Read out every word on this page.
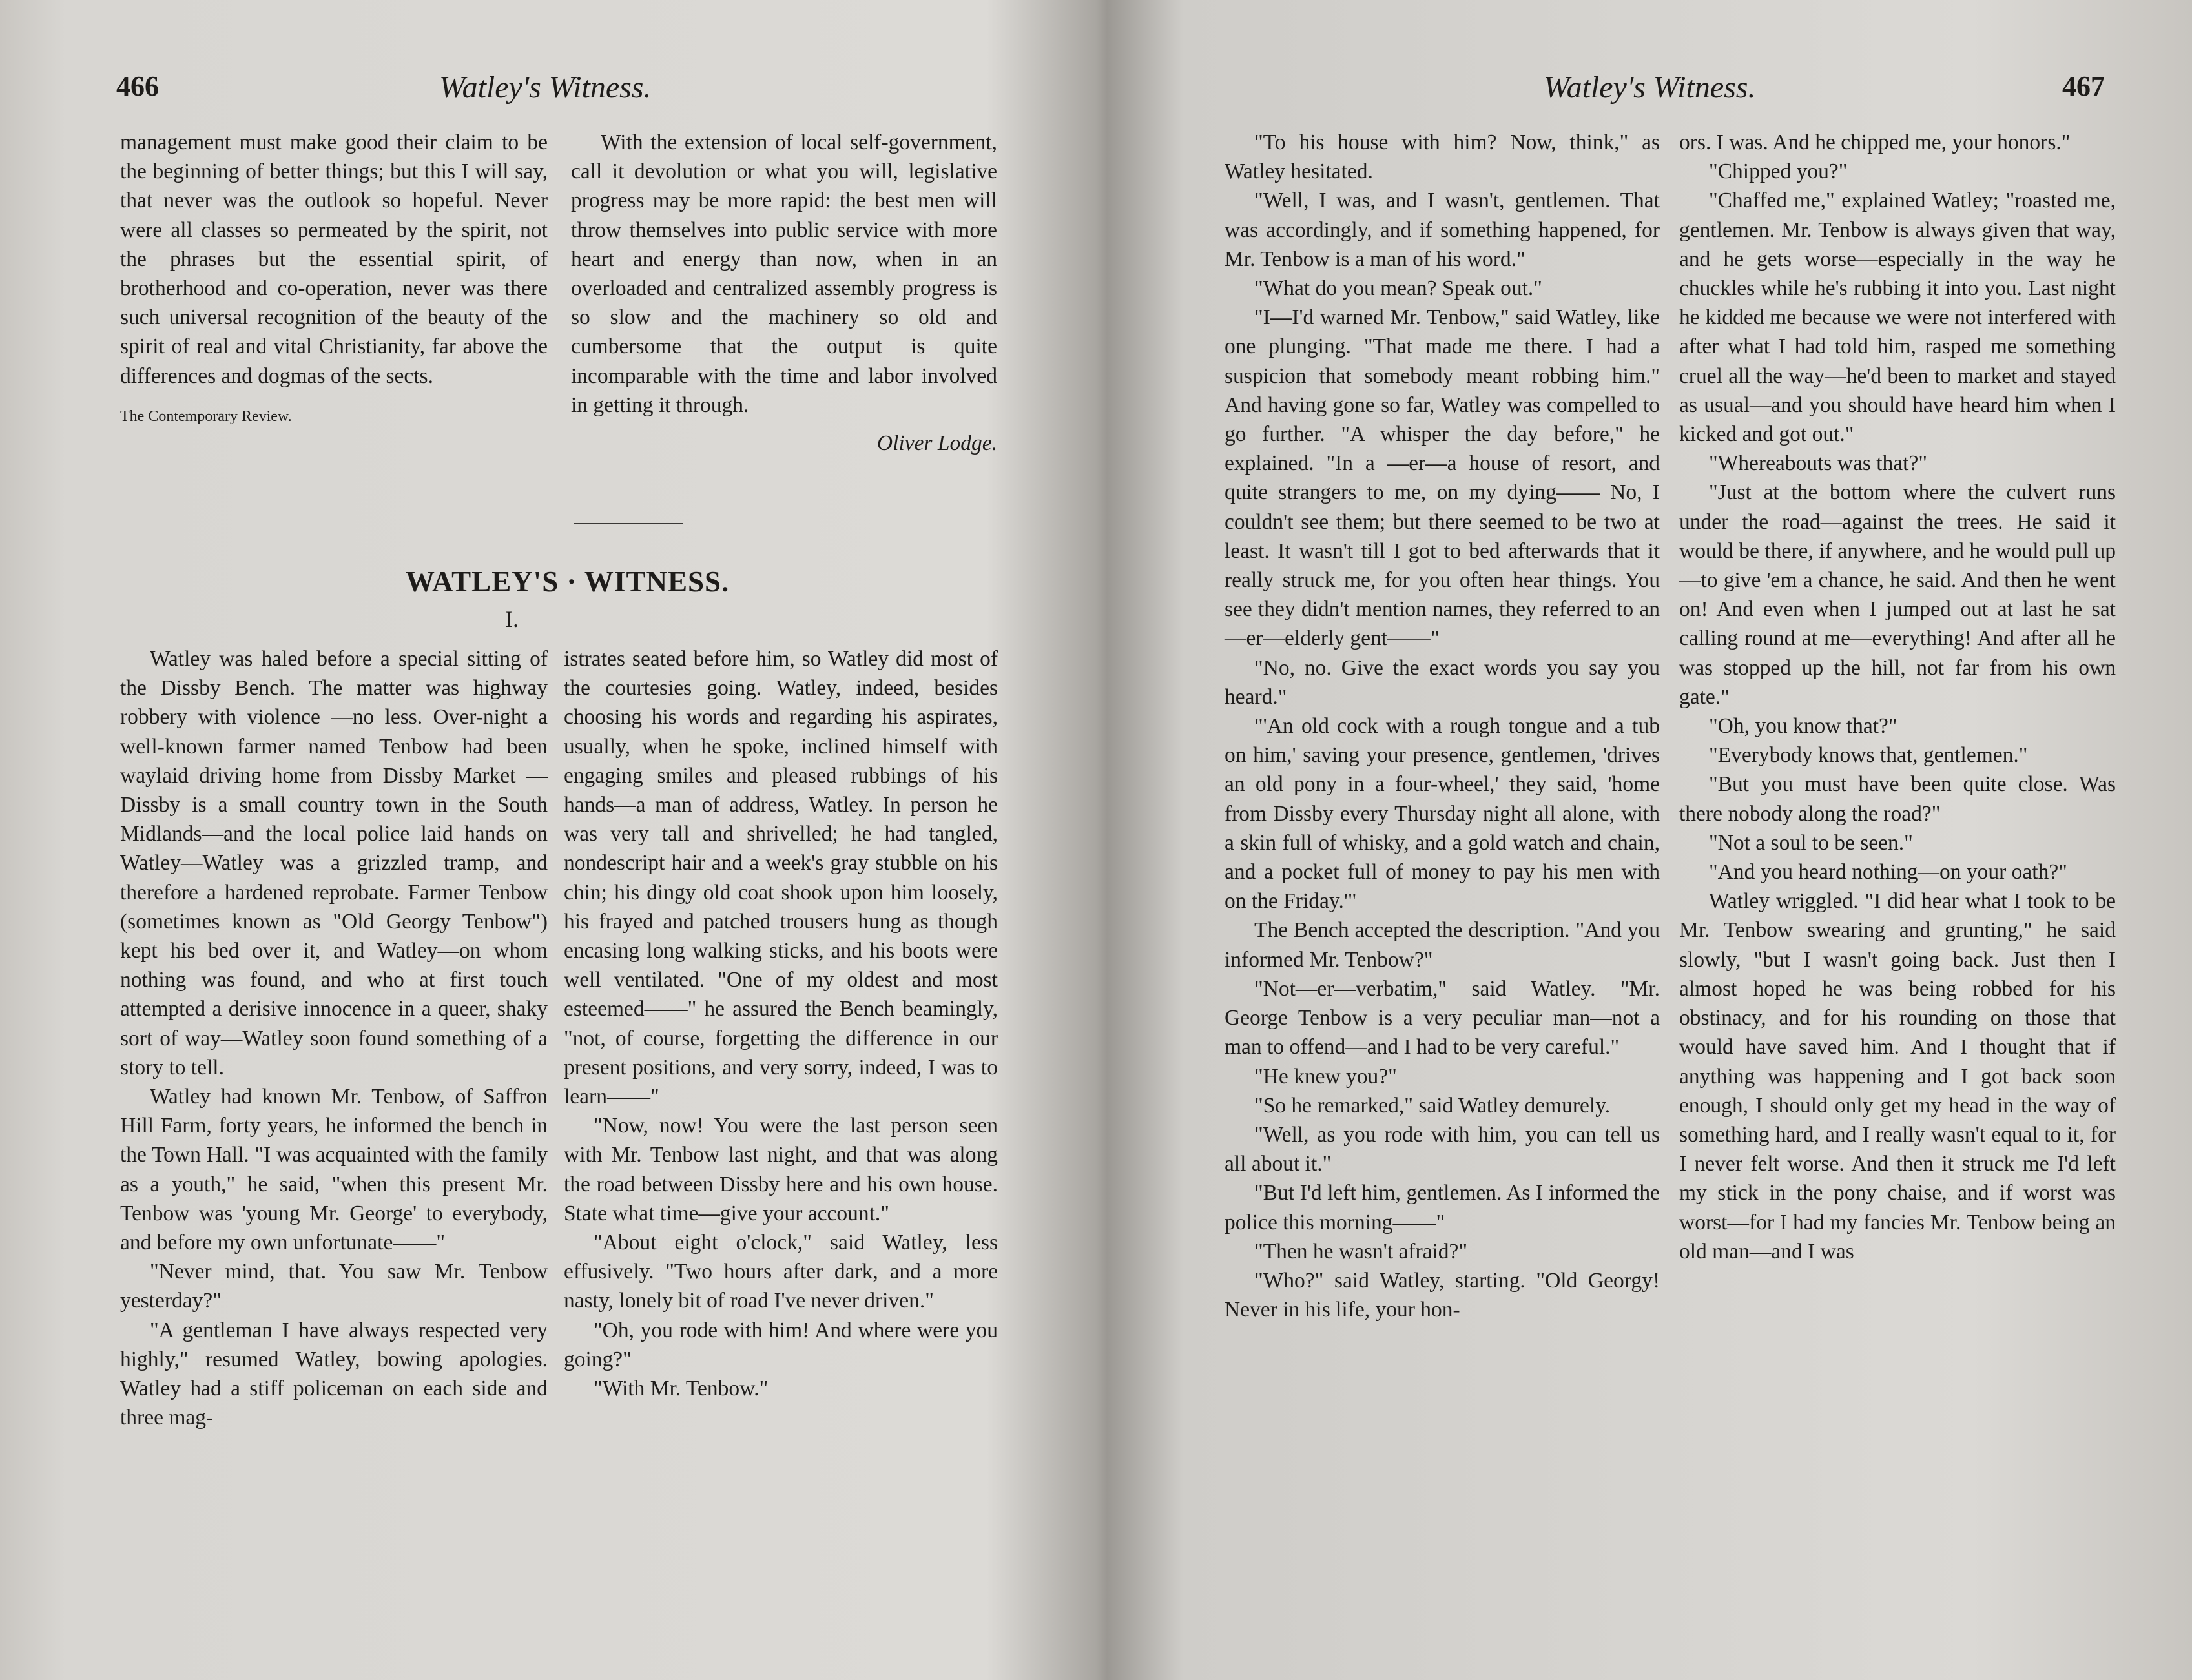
466	Watley's Witness.

management must make good their claim to be the beginning of better things; but this I will say, that never was the outlook so hopeful. Never were all classes so permeated by the spirit, not the phrases but the essential spirit, of brotherhood and co-operation, never was there such universal recognition of the beauty of the spirit of real and vital Christianity, far above the differences and dogmas of the sects.

The Contemporary Review.

With the extension of local self-government, call it devolution or what you will, legislative progress may be more rapid: the best men will throw themselves into public service with more heart and energy than now, when in an overloaded and centralized assembly progress is so slow and the machinery so old and cumbersome that the output is quite incomparable with the time and labor involved in getting it through.

Oliver Lodge.

WATLEY'S · WITNESS.
I.

Watley was haled before a special sitting of the Dissby Bench. The matter was highway robbery with violence —no less. Over-night a well-known farmer named Tenbow had been waylaid driving home from Dissby Market —Dissby is a small country town in the South Midlands—and the local police laid hands on Watley—Watley was a grizzled tramp, and therefore a hardened reprobate. Farmer Tenbow (sometimes known as "Old Georgy Tenbow") kept his bed over it, and Watley—on whom nothing was found, and who at first touch attempted a derisive innocence in a queer, shaky sort of way—Watley soon found something of a story to tell.

Watley had known Mr. Tenbow, of Saffron Hill Farm, forty years, he informed the bench in the Town Hall. "I was acquainted with the family as a youth," he said, "when this present Mr. Tenbow was 'young Mr. George' to everybody, and before my own unfortunate——"

"Never mind, that. You saw Mr. Tenbow yesterday?"

"A gentleman I have always respected very highly," resumed Watley, bowing apologies. Watley had a stiff policeman on each side and three mag-

istrates seated before him, so Watley did most of the courtesies going. Watley, indeed, besides choosing his words and regarding his aspirates, usually, when he spoke, inclined himself with engaging smiles and pleased rubbings of his hands—a man of address, Watley. In person he was very tall and shrivelled; he had tangled, nondescript hair and a week's gray stubble on his chin; his dingy old coat shook upon him loosely, his frayed and patched trousers hung as though encasing long walking sticks, and his boots were well ventilated. "One of my oldest and most esteemed——" he assured the Bench beamingly, "not, of course, forgetting the difference in our present positions, and very sorry, indeed, I was to learn——"

"Now, now! You were the last person seen with Mr. Tenbow last night, and that was along the road between Dissby here and his own house. State what time—give your account."

"About eight o'clock," said Watley, less effusively. "Two hours after dark, and a more nasty, lonely bit of road I've never driven."

"Oh, you rode with him! And where were you going?"

"With Mr. Tenbow."

Watley's Witness.	467

"To his house with him? Now, think," as Watley hesitated.

"Well, I was, and I wasn't, gentlemen. That was accordingly, and if something happened, for Mr. Tenbow is a man of his word."

"What do you mean? Speak out."

"I—I'd warned Mr. Tenbow," said Watley, like one plunging. "That made me there. I had a suspicion that somebody meant robbing him." And having gone so far, Watley was compelled to go further. "A whisper the day before," he explained. "In a —er—a house of resort, and quite strangers to me, on my dying—— No, I couldn't see them; but there seemed to be two at least. It wasn't till I got to bed afterwards that it really struck me, for you often hear things. You see they didn't mention names, they referred to an—er—elderly gent——"

"No, no. Give the exact words you say you heard."

"'An old cock with a rough tongue and a tub on him,' saving your presence, gentlemen, 'drives an old pony in a four-wheel,' they said, 'home from Dissby every Thursday night all alone, with a skin full of whisky, and a gold watch and chain, and a pocket full of money to pay his men with on the Friday.'"

The Bench accepted the description. "And you informed Mr. Tenbow?"

"Not—er—verbatim," said Watley. "Mr. George Tenbow is a very peculiar man—not a man to offend—and I had to be very careful."

"He knew you?"

"So he remarked," said Watley demurely.

"Well, as you rode with him, you can tell us all about it."

"But I'd left him, gentlemen. As I informed the police this morning——"

"Then he wasn't afraid?"

"Who?" said Watley, starting. "Old Georgy! Never in his life, your hon-

ors. I was. And he chipped me, your honors."

"Chipped you?"

"Chaffed me," explained Watley; "roasted me, gentlemen. Mr. Tenbow is always given that way, and he gets worse—especially in the way he chuckles while he's rubbing it into you. Last night he kidded me because we were not interfered with after what I had told him, rasped me something cruel all the way—he'd been to market and stayed as usual—and you should have heard him when I kicked and got out."

"Whereabouts was that?"

"Just at the bottom where the culvert runs under the road—against the trees. He said it would be there, if anywhere, and he would pull up—to give 'em a chance, he said. And then he went on! And even when I jumped out at last he sat calling round at me—everything! And after all he was stopped up the hill, not far from his own gate."

"Oh, you know that?"

"Everybody knows that, gentlemen."

"But you must have been quite close. Was there nobody along the road?"

"Not a soul to be seen."

"And you heard nothing—on your oath?"

Watley wriggled. "I did hear what I took to be Mr. Tenbow swearing and grunting," he said slowly, "but I wasn't going back. Just then I almost hoped he was being robbed for his obstinacy, and for his rounding on those that would have saved him. And I thought that if anything was happening and I got back soon enough, I should only get my head in the way of something hard, and I really wasn't equal to it, for I never felt worse. And then it struck me I'd left my stick in the pony chaise, and if worst was worst—for I had my fancies Mr. Tenbow being an old man—and I was
